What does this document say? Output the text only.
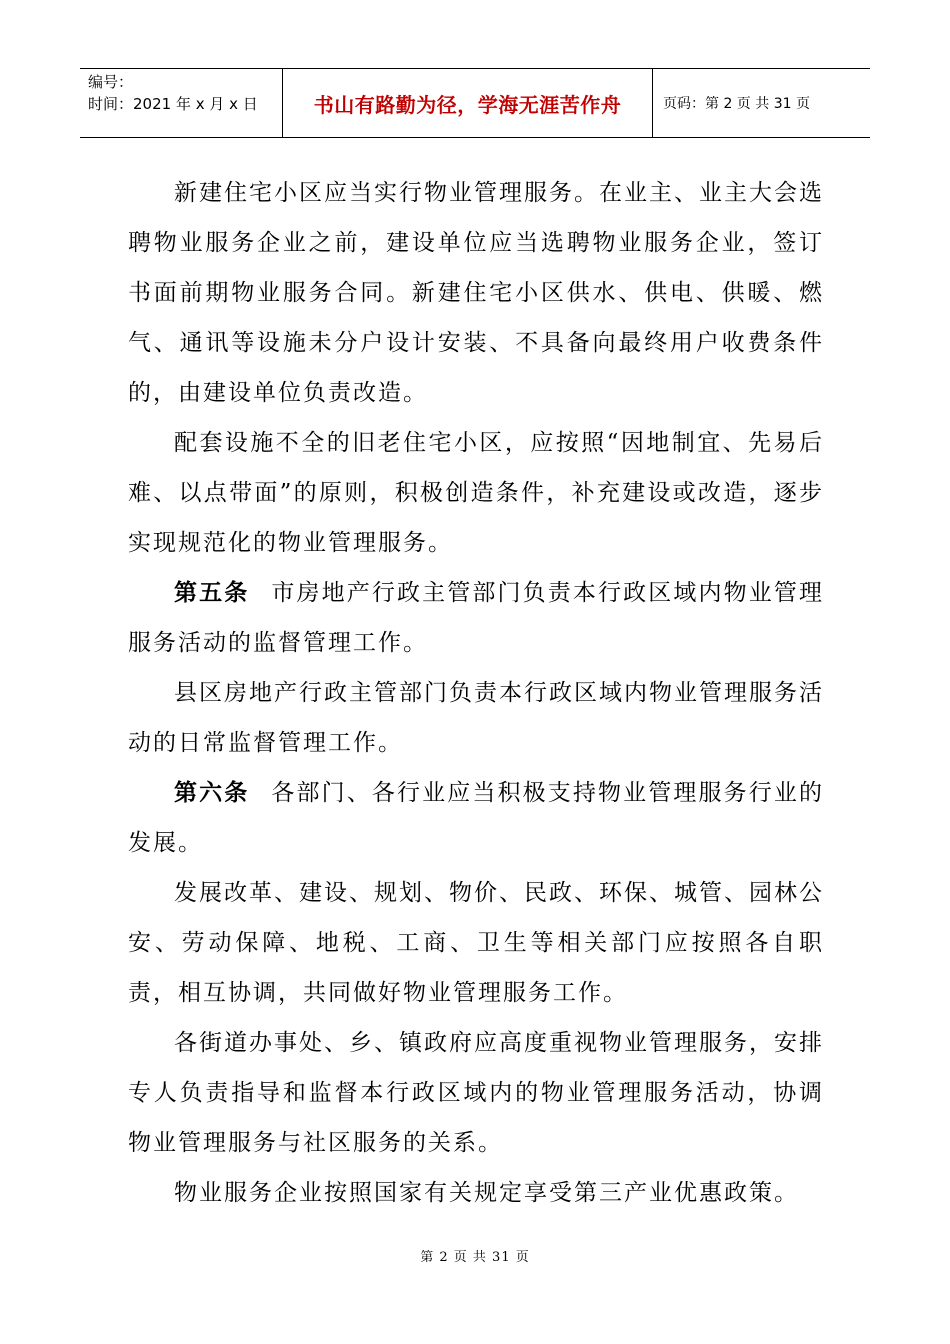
编号：
时间：2021 年 x 月 x 日	书山有路勤为径，学海无涯苦作舟	页码：第 2 页 共 31 页

新建住宅小区应当实行物业管理服务。在业主、业主大会选聘物业服务企业之前，建设单位应当选聘物业服务企业，签订书面前期物业服务合同。新建住宅小区供水、供电、供暖、燃气、通讯等设施未分户设计安装、不具备向最终用户收费条件的，由建设单位负责改造。

配套设施不全的旧老住宅小区，应按照“因地制宜、先易后难、以点带面”的原则，积极创造条件，补充建设或改造，逐步实现规范化的物业管理服务。

第五条 市房地产行政主管部门负责本行政区域内物业管理服务活动的监督管理工作。

县区房地产行政主管部门负责本行政区域内物业管理服务活动的日常监督管理工作。

第六条 各部门、各行业应当积极支持物业管理服务行业的发展。

发展改革、建设、规划、物价、民政、环保、城管、园林公安、劳动保障、地税、工商、卫生等相关部门应按照各自职责，相互协调，共同做好物业管理服务工作。

各街道办事处、乡、镇政府应高度重视物业管理服务，安排专人负责指导和监督本行政区域内的物业管理服务活动，协调物业管理服务与社区服务的关系。

物业服务企业按照国家有关规定享受第三产业优惠政策。

第 2 页 共 31 页
